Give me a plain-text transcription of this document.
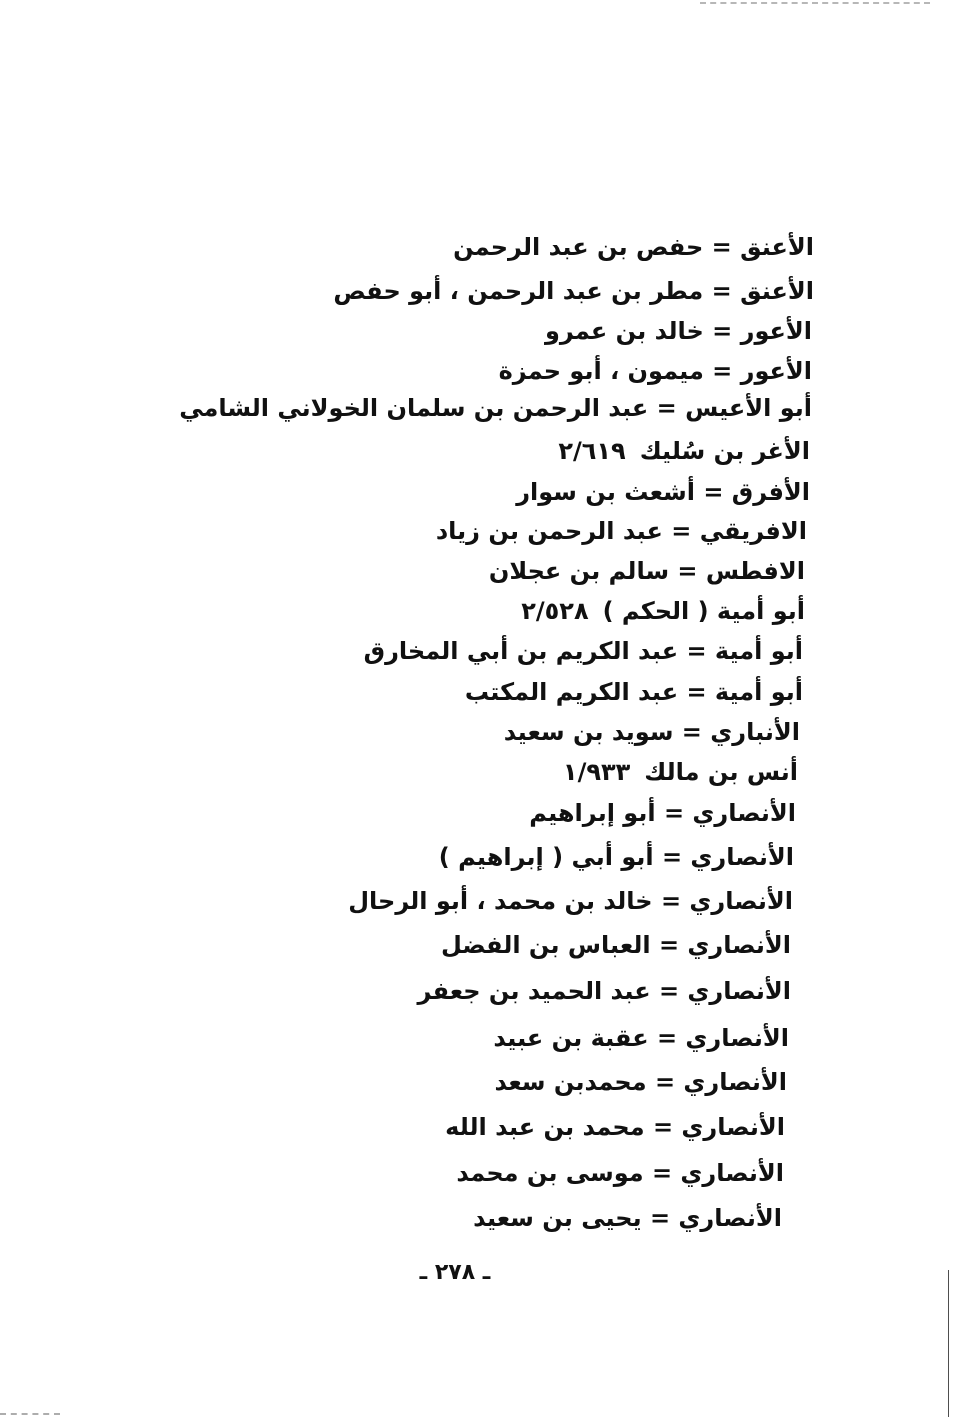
الأعنق = حفص بن عبد الرحمن
الأعنق = مطر بن عبد الرحمن ، أبو حفص
الأعور = خالد بن عمرو
الأعور = ميمون ، أبو حمزة
أبو الأعيس = عبد الرحمن بن سلمان الخولاني الشامي
الأغر بن سُليك٢/٦١٩
الأفرق = أشعث بن سوار
الافريقي = عبد الرحمن بن زياد
الافطس = سالم بن عجلان
أبو أمية ( الحكم )٢/٥٢٨
أبو أمية = عبد الكريم بن أبي المخارق
أبو أمية = عبد الكريم المكتب
الأنباري = سويد بن سعيد
أنس بن مالك١/٩٣٣
الأنصاري = أبو إبراهيم
الأنصاري = أبو أبي ( إبراهيم )
الأنصاري = خالد بن محمد ، أبو الرحال
الأنصاري = العباس بن الفضل
الأنصاري = عبد الحميد بن جعفر
الأنصاري = عقبة بن عبيد
الأنصاري = محمدبن سعد
الأنصاري = محمد بن عبد الله
الأنصاري = موسى بن محمد
الأنصاري = يحيى بن سعيد
ـ ٢٧٨ ـ
